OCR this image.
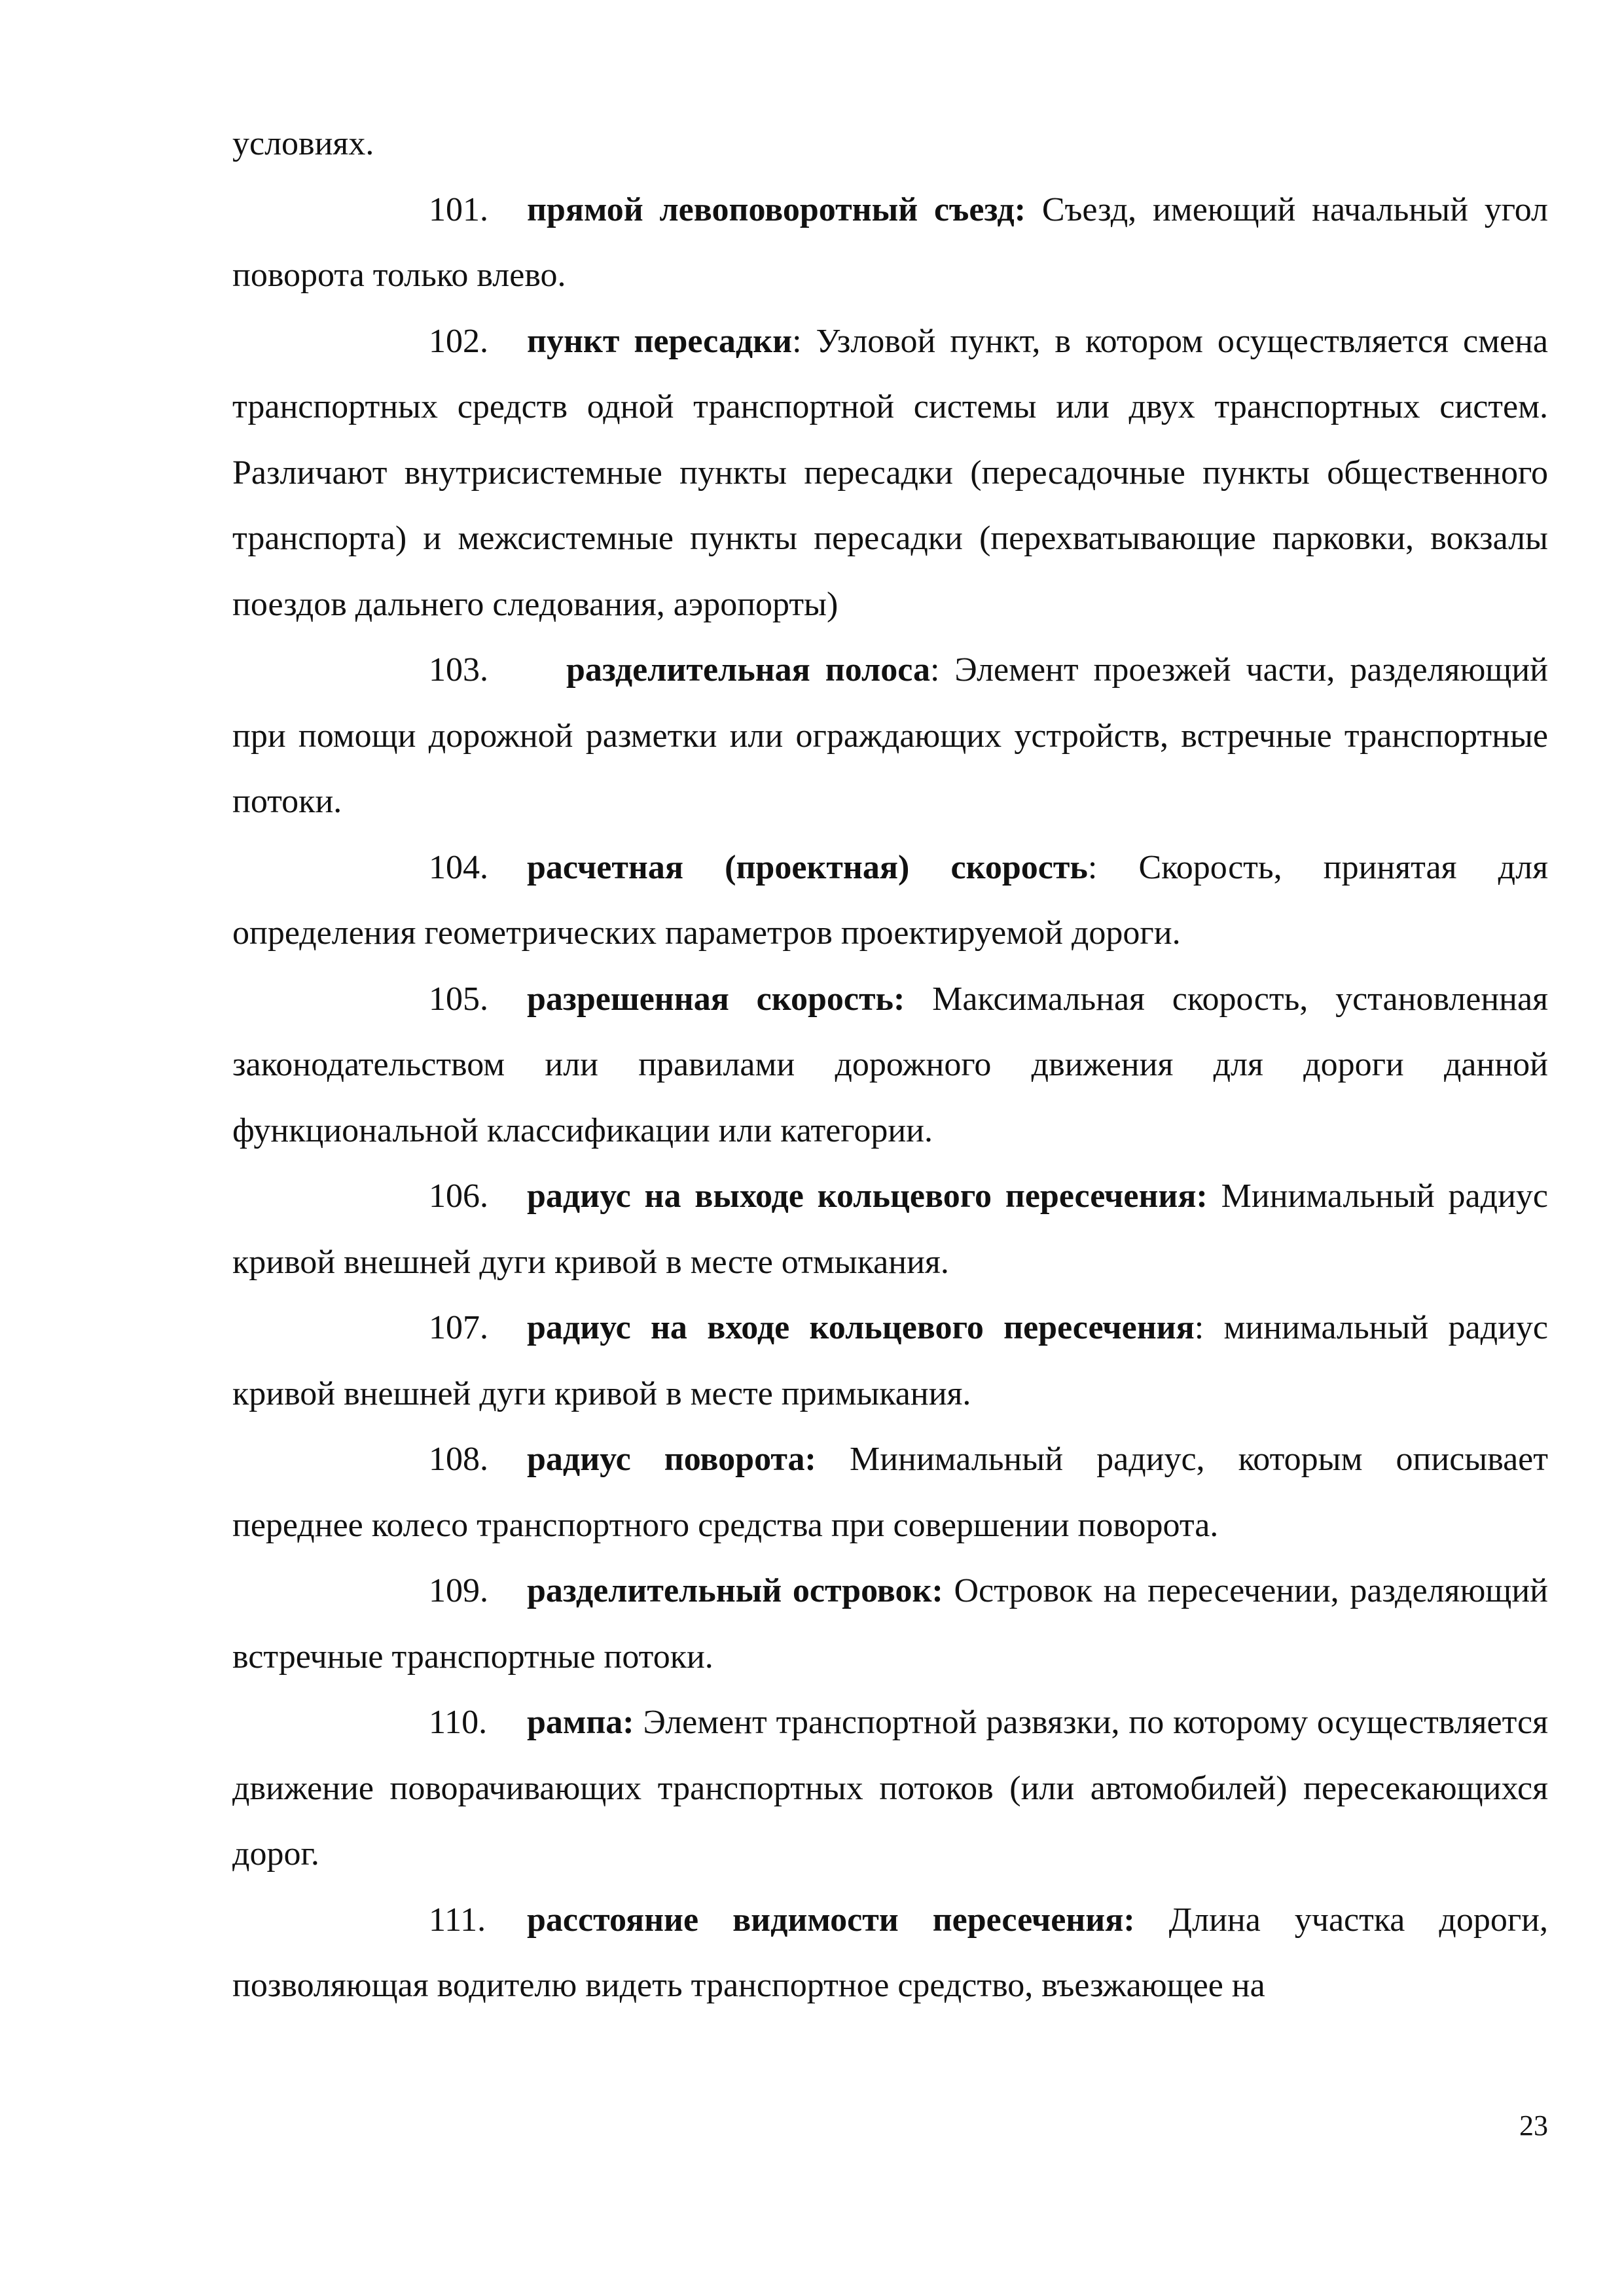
условиях.

101. прямой левоповоротный съезд: Съезд, имеющий начальный угол поворота только влево.

102. пункт пересадки: Узловой пункт, в котором осуществляется смена транспортных средств одной транспортной системы или двух транспортных систем. Различают внутрисистемные пункты пересадки (пересадочные пункты общественного транспорта) и межсистемные пункты пересадки (перехватывающие парковки, вокзалы поездов дальнего следования, аэропорты)

103. разделительная полоса: Элемент проезжей части, разделяющий при помощи дорожной разметки или ограждающих устройств, встречные транспортные потоки.

104. расчетная (проектная) скорость: Скорость, принятая для определения геометрических параметров проектируемой дороги.

105. разрешенная скорость: Максимальная скорость, установленная законодательством или правилами дорожного движения для дороги данной функциональной классификации или категории.

106. радиус на выходе кольцевого пересечения: Минимальный радиус кривой внешней дуги кривой в месте отмыкания.

107. радиус на входе кольцевого пересечения: минимальный радиус кривой внешней дуги кривой в месте примыкания.

108. радиус поворота: Минимальный радиус, которым описывает переднее колесо транспортного средства при совершении поворота.

109. разделительный островок: Островок на пересечении, разделяющий встречные транспортные потоки.

110. рампа: Элемент транспортной развязки, по которому осуществляется движение поворачивающих транспортных потоков (или автомобилей) пересекающихся дорог.

111. расстояние видимости пересечения: Длина участка дороги, позволяющая водителю видеть транспортное средство, въезжающее на

23
